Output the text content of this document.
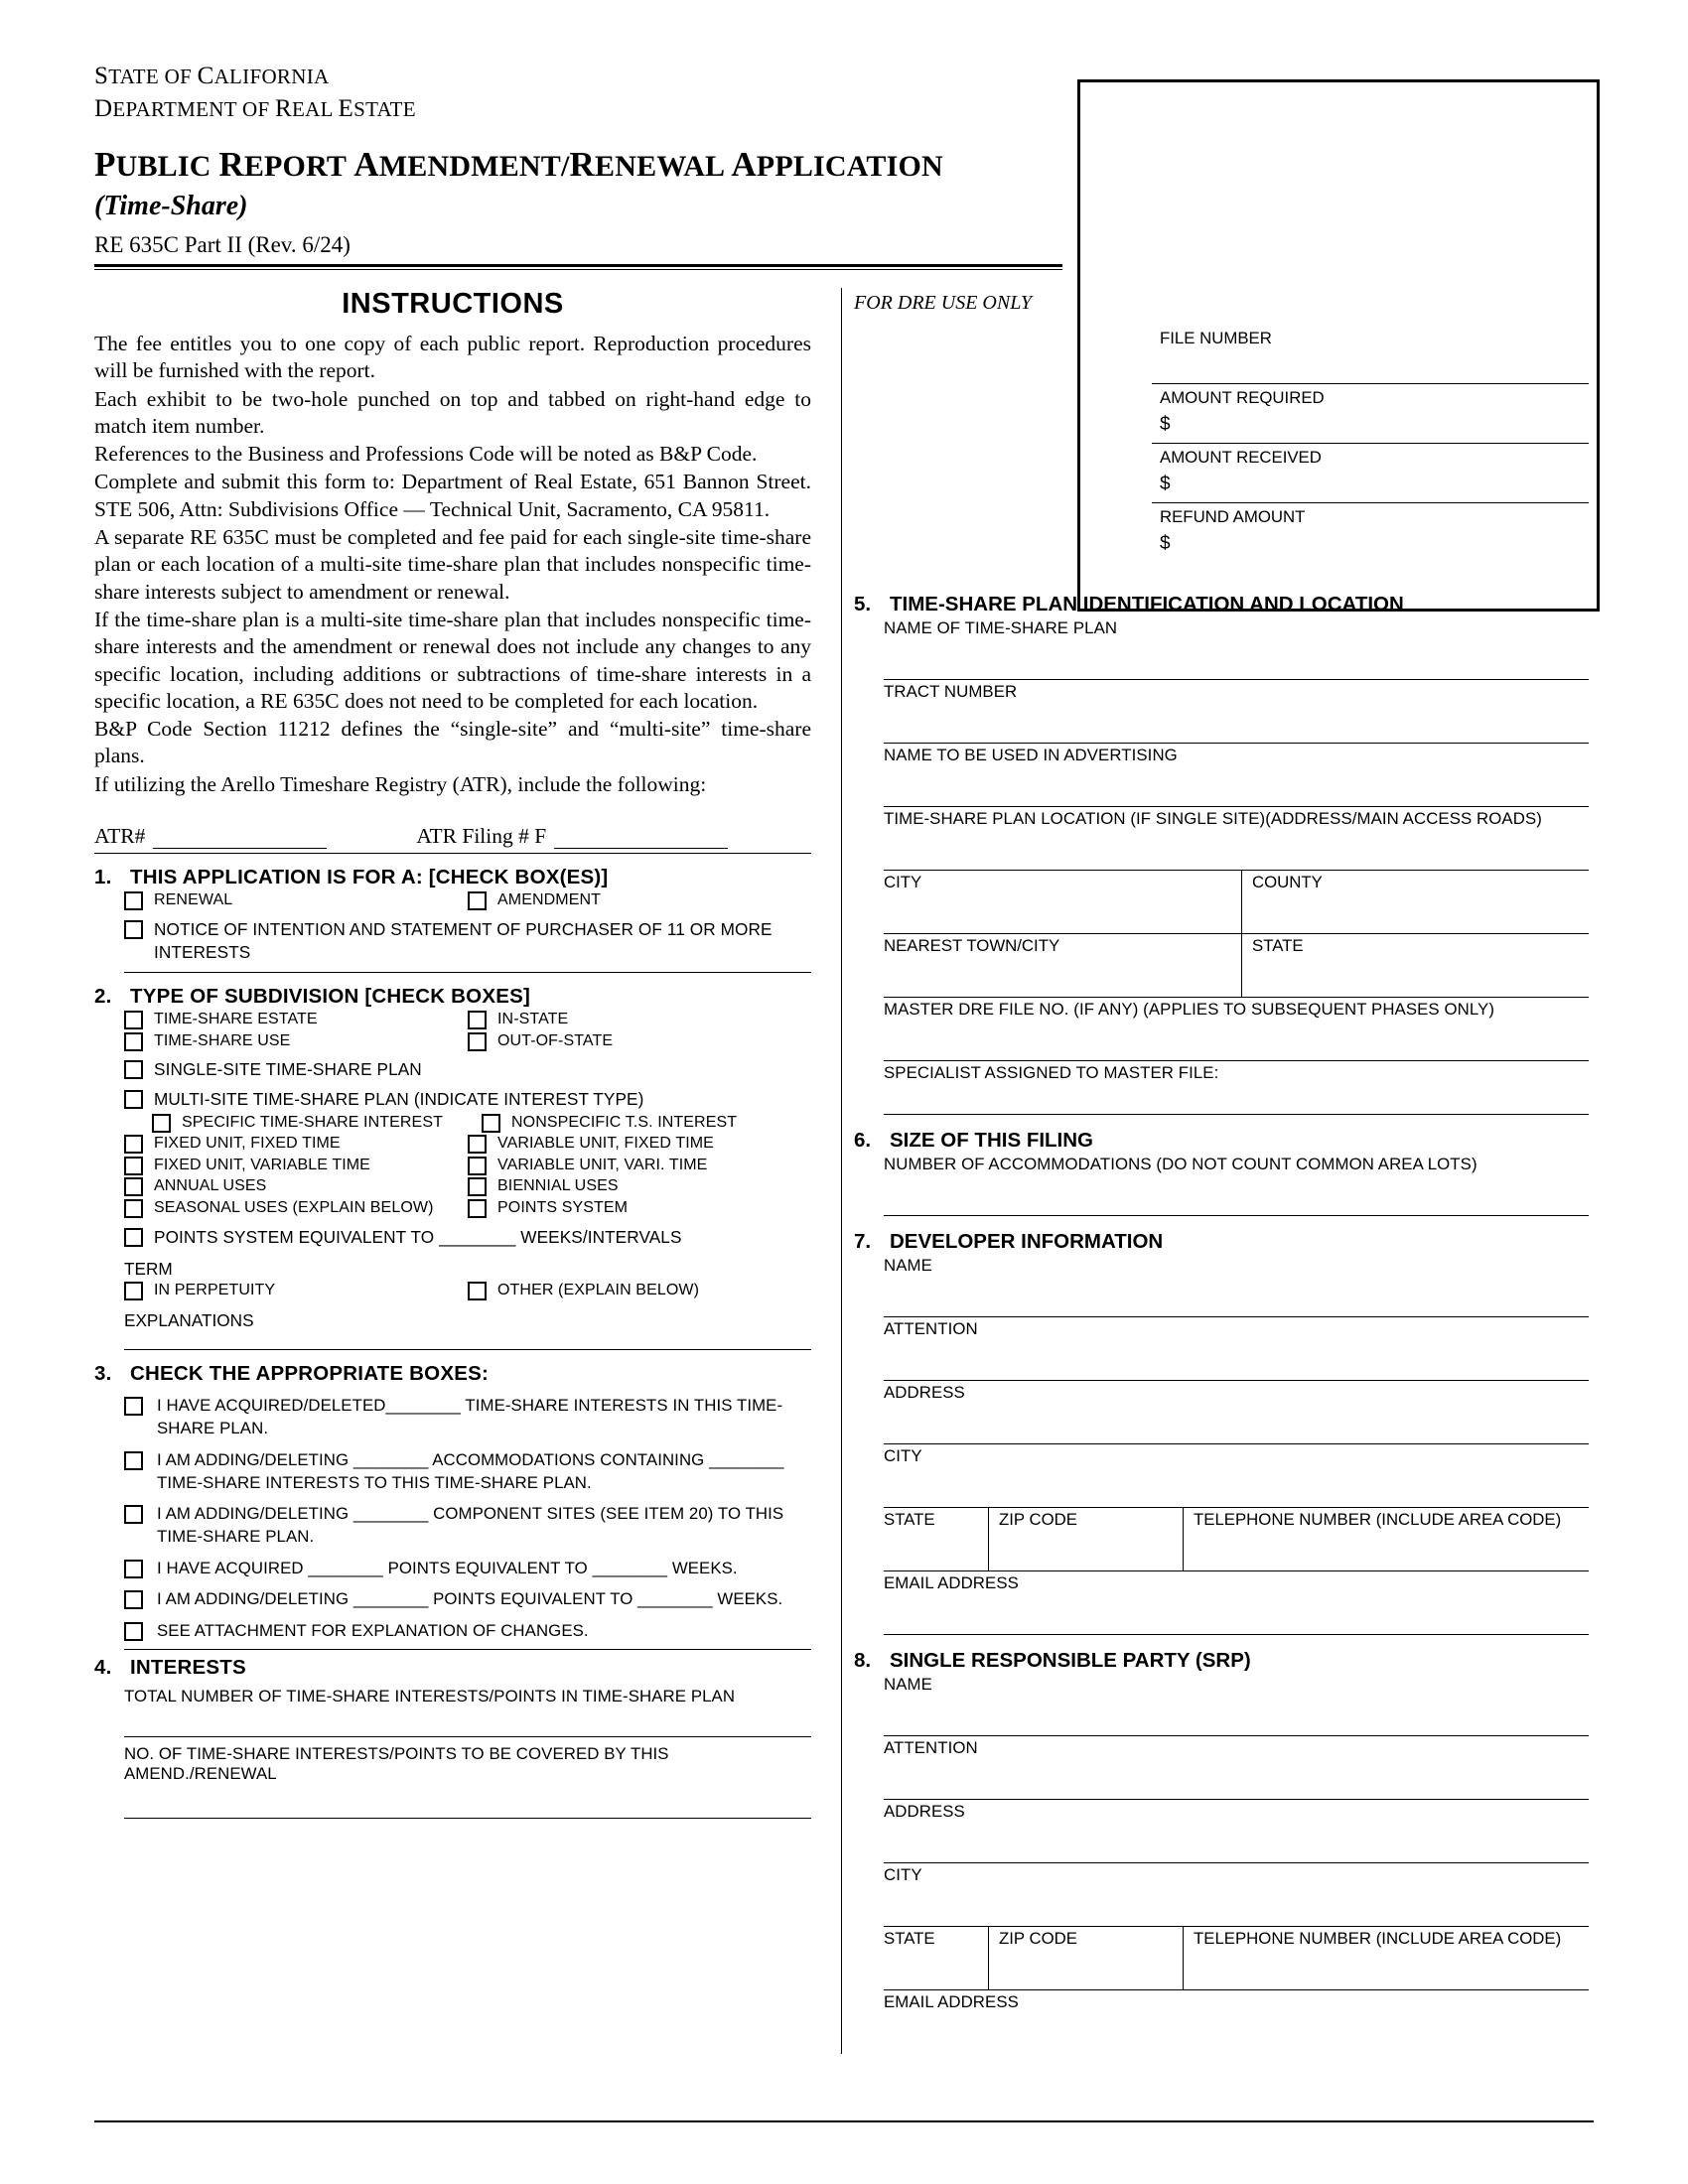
STATE OF CALIFORNIA
DEPARTMENT OF REAL ESTATE
PUBLIC REPORT AMENDMENT/RENEWAL APPLICATION
(Time-Share)
RE 635C Part II (Rev. 6/24)
INSTRUCTIONS

The fee entitles you to one copy of each public report. Reproduction procedures will be furnished with the report.

Each exhibit to be two-hole punched on top and tabbed on right-hand edge to match item number.

References to the Business and Professions Code will be noted as B&P Code.

Complete and submit this form to: Department of Real Estate, 651 Bannon Street. STE 506, Attn: Subdivisions Office — Technical Unit, Sacramento, CA 95811.

A separate RE 635C must be completed and fee paid for each single-site time-share plan or each location of a multi-site time-share plan that includes nonspecific time-share interests subject to amendment or renewal.

If the time-share plan is a multi-site time-share plan that includes nonspecific time-share interests and the amendment or renewal does not include any changes to any specific location, including additions or subtractions of time-share interests in a specific location, a RE 635C does not need to be completed for each location.

B&P Code Section 11212 defines the “single-site” and “multi-site” time-share plans.

If utilizing the Arello Timeshare Registry (ATR), include the following:

ATR#	ATR Filing # F
1. THIS APPLICATION IS FOR A: [CHECK BOX(ES)]
RENEWAL	AMENDMENT
NOTICE OF INTENTION AND STATEMENT OF PURCHASER OF 11 OR MORE INTERESTS
2. TYPE OF SUBDIVISION [CHECK BOXES]
TIME-SHARE ESTATE	IN-STATE
TIME-SHARE USE	OUT-OF-STATE
SINGLE-SITE TIME-SHARE PLAN
MULTI-SITE TIME-SHARE PLAN (INDICATE INTEREST TYPE)
SPECIFIC TIME-SHARE INTEREST	NONSPECIFIC T.S. INTEREST
FIXED UNIT, FIXED TIME	VARIABLE UNIT, FIXED TIME
FIXED UNIT, VARIABLE TIME	VARIABLE UNIT, VARI. TIME
ANNUAL USES	BIENNIAL USES
SEASONAL USES (EXPLAIN BELOW)	POINTS SYSTEM
POINTS SYSTEM EQUIVALENT TO ________ WEEKS/INTERVALS
TERM
IN PERPETUITY	OTHER (EXPLAIN BELOW)
EXPLANATIONS
3. CHECK THE APPROPRIATE BOXES:
I HAVE ACQUIRED/DELETED________ TIME-SHARE INTERESTS IN THIS TIME-SHARE PLAN.
I AM ADDING/DELETING ________ ACCOMMODATIONS CONTAINING ________ TIME-SHARE INTERESTS TO THIS TIME-SHARE PLAN.
I AM ADDING/DELETING ________ COMPONENT SITES (SEE ITEM 20) TO THIS TIME-SHARE PLAN.
I HAVE ACQUIRED ________ POINTS EQUIVALENT TO ________ WEEKS.
I AM ADDING/DELETING ________ POINTS EQUIVALENT TO ________ WEEKS.
SEE ATTACHMENT FOR EXPLANATION OF CHANGES.
4. INTERESTS
TOTAL NUMBER OF TIME-SHARE INTERESTS/POINTS IN TIME-SHARE PLAN
NO. OF TIME-SHARE INTERESTS/POINTS TO BE COVERED BY THIS AMEND./RENEWAL
FOR DRE USE ONLY
FILE NUMBER
AMOUNT REQUIRED
$
AMOUNT RECEIVED
$
REFUND AMOUNT
$
5. TIME-SHARE PLAN IDENTIFICATION AND LOCATION
NAME OF TIME-SHARE PLAN
TRACT NUMBER
NAME TO BE USED IN ADVERTISING
TIME-SHARE PLAN LOCATION (IF SINGLE SITE)(ADDRESS/MAIN ACCESS ROADS)
CITY	COUNTY
NEAREST TOWN/CITY	STATE
MASTER DRE FILE NO. (IF ANY) (APPLIES TO SUBSEQUENT PHASES ONLY)
SPECIALIST ASSIGNED TO MASTER FILE:
6. SIZE OF THIS FILING
NUMBER OF ACCOMMODATIONS (DO NOT COUNT COMMON AREA LOTS)
7. DEVELOPER INFORMATION
NAME
ATTENTION
ADDRESS
CITY
STATE	ZIP CODE	TELEPHONE NUMBER (INCLUDE AREA CODE)
EMAIL ADDRESS
8. SINGLE RESPONSIBLE PARTY (SRP)
NAME
ATTENTION
ADDRESS
CITY
STATE	ZIP CODE	TELEPHONE NUMBER (INCLUDE AREA CODE)
EMAIL ADDRESS
